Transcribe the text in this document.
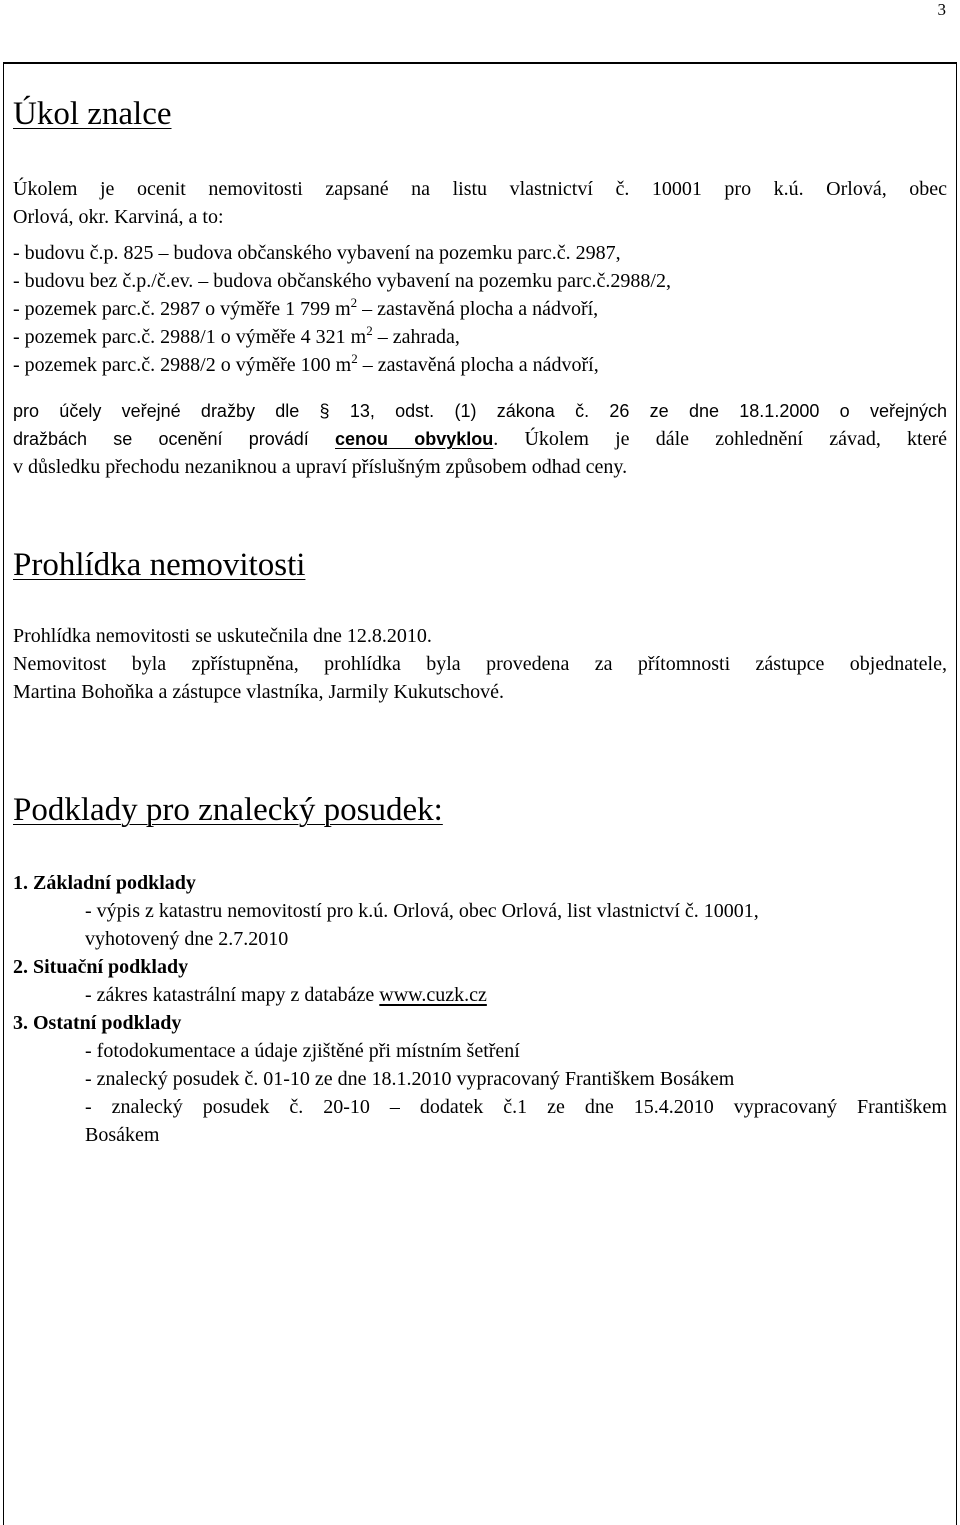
3
Úkol znalce
Úkolem je ocenit nemovitosti zapsané na listu vlastnictví č. 10001 pro k.ú. Orlová, obec
Orlová, okr. Karviná, a to:
- budovu č.p. 825 – budova občanského vybavení na pozemku parc.č. 2987,
- budovu bez č.p./č.ev. – budova občanského vybavení na pozemku parc.č.2988/2,
- pozemek parc.č. 2987 o výměře 1 799 $m^2$ – zastavěná plocha a nádvoří,
- pozemek parc.č. 2988/1 o výměře 4 321 $m^2$ – zahrada,
- pozemek parc.č. 2988/2 o výměře 100 $m^2$ – zastavěná plocha a nádvoří,
pro účely veřejné dražby dle § 13, odst. (1) zákona č. 26 ze dne 18.1.2000 o veřejných
dražbách se ocenění provádí cenou obvyklou. Úkolem je dále zohlednění závad, které
v důsledku přechodu nezaniknou a upraví příslušným způsobem odhad ceny.
Prohlídka nemovitosti
Prohlídka nemovitosti se uskutečnila dne 12.8.2010.
Nemovitost byla zpřístupněna, prohlídka byla provedena za přítomnosti zástupce objednatele,
Martina Bohoňka a zástupce vlastníka, Jarmily Kukutschové.
Podklady pro znalecký posudek:
1. Základní podklady
- výpis z katastru nemovitostí pro k.ú. Orlová, obec Orlová, list vlastnictví č. 10001,
vyhotovený dne 2.7.2010
2. Situační podklady
- zákres katastrální mapy z databáze www.cuzk.cz
3. Ostatní podklady
- fotodokumentace a údaje zjištěné při místním šetření
- znalecký posudek č. 01-10 ze dne 18.1.2010 vypracovaný Františkem Bosákem
- znalecký posudek č. 20-10 – dodatek č.1 ze dne 15.4.2010 vypracovaný Františkem
Bosákem
